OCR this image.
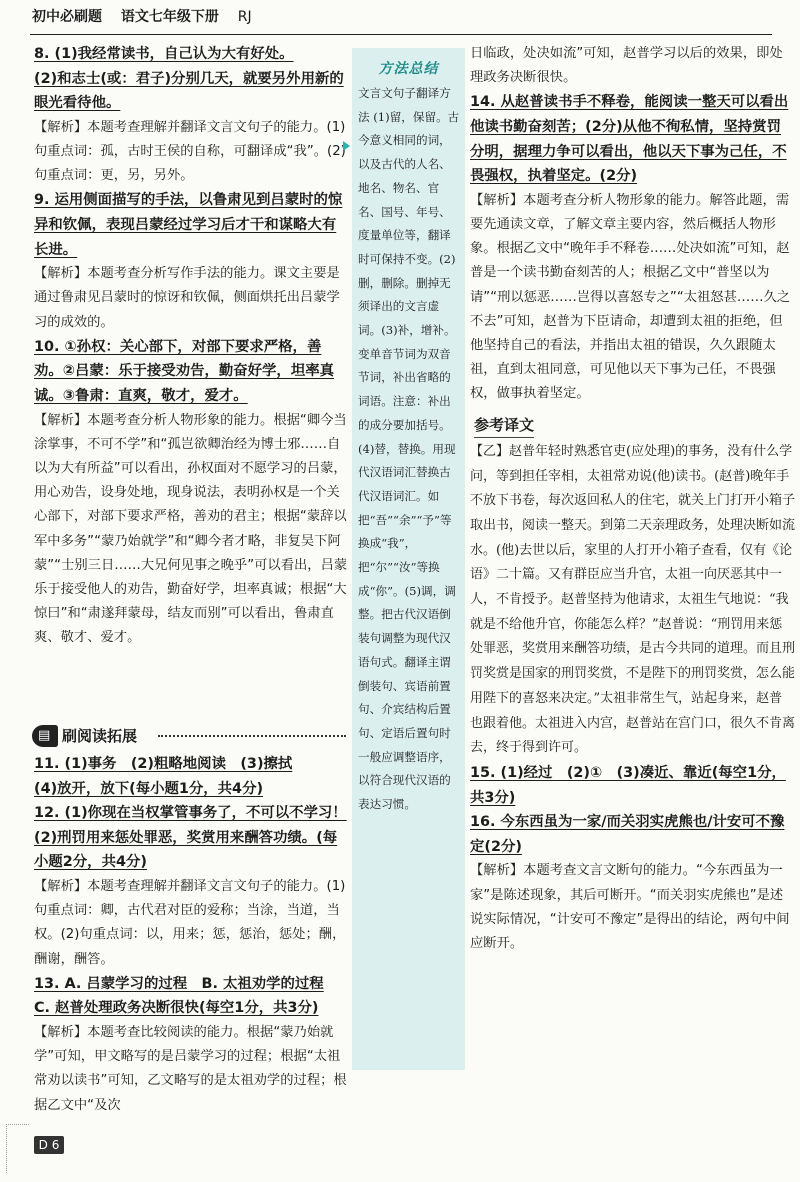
初中必刷题 语文七年级下册 RJ

8. (1)我经常读书，自己认为大有好处。

(2)和志士(或：君子)分别几天，就要另外用新的眼光看待他。

【解析】本题考查理解并翻译文言文句子的能力。(1)句重点词：孤，古时王侯的自称，可翻译成“我”。(2)句重点词：更，另，另外。

9. 运用侧面描写的手法，以鲁肃见到吕蒙时的惊异和钦佩，表现吕蒙经过学习后才干和谋略大有长进。

【解析】本题考查分析写作手法的能力。课文主要是通过鲁肃见吕蒙时的惊讶和钦佩，侧面烘托出吕蒙学习的成效的。

10. ①孙权：关心部下，对部下要求严格，善劝。②吕蒙：乐于接受劝告，勤奋好学，坦率真诚。③鲁肃：直爽，敬才，爱才。

【解析】本题考查分析人物形象的能力。根据“卿今当涂掌事，不可不学”和“孤岂欲卿治经为博士邪……自以为大有所益”可以看出，孙权面对不愿学习的吕蒙，用心劝告，设身处地，现身说法，表明孙权是一个关心部下，对部下要求严格，善劝的君主；根据“蒙辞以军中多务”“蒙乃始就学”和“卿今者才略，非复吴下阿蒙”“士别三日……大兄何见事之晚乎”可以看出，吕蒙乐于接受他人的劝告，勤奋好学，坦率真诚；根据“大惊曰”和“肃遂拜蒙母，结友而别”可以看出，鲁肃直爽、敬才、爱才。

▤ 刷阅读拓展

11. (1)事务　(2)粗略地阅读　(3)擦拭

(4)放开，放下(每小题1分，共4分)

12. (1)你现在当权掌管事务了，不可以不学习！

(2)刑罚用来惩处罪恶，奖赏用来酬答功绩。(每小题2分，共4分)

【解析】本题考查理解并翻译文言文句子的能力。(1)句重点词：卿，古代君对臣的爱称；当涂，当道，当权。(2)句重点词：以，用来；惩，惩治，惩处；酬，酬谢，酬答。

13. A. 吕蒙学习的过程　B. 太祖劝学的过程

C. 赵普处理政务决断很快(每空1分，共3分)

【解析】本题考查比较阅读的能力。根据“蒙乃始就学”可知，甲文略写的是吕蒙学习的过程；根据“太祖常劝以读书”可知，乙文略写的是太祖劝学的过程；根据乙文中“及次

方法总结
文言文句子翻译方法 (1)留，保留。古今意义相同的词，以及古代的人名、地名、物名、官名、国号、年号、度量单位等，翻译时可保持不变。(2)删，删除。删掉无须译出的文言虚词。(3)补，增补。变单音节词为双音节词，补出省略的词语。注意：补出的成分要加括号。(4)替，替换。用现代汉语词汇替换古代汉语词汇。如把“吾”“余”“予”等换成“我”，把“尔”“汝”等换成“你”。(5)调，调整。把古代汉语倒装句调整为现代汉语句式。翻译主谓倒装句、宾语前置句、介宾结构后置句、定语后置句时一般应调整语序，以符合现代汉语的表达习惯。

日临政，处决如流”可知，赵普学习以后的效果，即处理政务决断很快。

14. 从赵普读书手不释卷，能阅读一整天可以看出他读书勤奋刻苦；(2分)从他不徇私情，坚持赏罚分明，据理力争可以看出，他以天下事为己任，不畏强权，执着坚定。(2分)

【解析】本题考查分析人物形象的能力。解答此题，需要先通读文章，了解文章主要内容，然后概括人物形象。根据乙文中“晚年手不释卷……处决如流”可知，赵普是一个读书勤奋刻苦的人；根据乙文中“普坚以为请”“刑以惩恶……岂得以喜怒专之”“太祖怒甚……久之不去”可知，赵普为下臣请命，却遭到太祖的拒绝，但他坚持自己的看法，并指出太祖的错误，久久跟随太祖，直到太祖同意，可见他以天下事为己任，不畏强权，做事执着坚定。

参考译文

【乙】赵普年轻时熟悉官吏(应处理)的事务，没有什么学问，等到担任宰相，太祖常劝说(他)读书。(赵普)晚年手不放下书卷，每次返回私人的住宅，就关上门打开小箱子取出书，阅读一整天。到第二天亲理政务，处理决断如流水。(他)去世以后，家里的人打开小箱子查看，仅有《论语》二十篇。又有群臣应当升官，太祖一向厌恶其中一人，不肯授予。赵普坚持为他请求，太祖生气地说：“我就是不给他升官，你能怎么样？”赵普说：“刑罚用来惩处罪恶，奖赏用来酬答功绩，是古今共同的道理。而且刑罚奖赏是国家的刑罚奖赏，不是陛下的刑罚奖赏，怎么能用陛下的喜怒来决定。”太祖非常生气，站起身来，赵普也跟着他。太祖进入内宫，赵普站在宫门口，很久不肯离去，终于得到许可。

15. (1)经过　(2)①　(3)凑近、靠近(每空1分，共3分)

16. 今东西虽为一家/而关羽实虎熊也/计安可不豫定(2分)

【解析】本题考查文言文断句的能力。“今东西虽为一家”是陈述现象，其后可断开。“而关羽实虎熊也”是述说实际情况，“计安可不豫定”是得出的结论，两句中间应断开。

D 6
